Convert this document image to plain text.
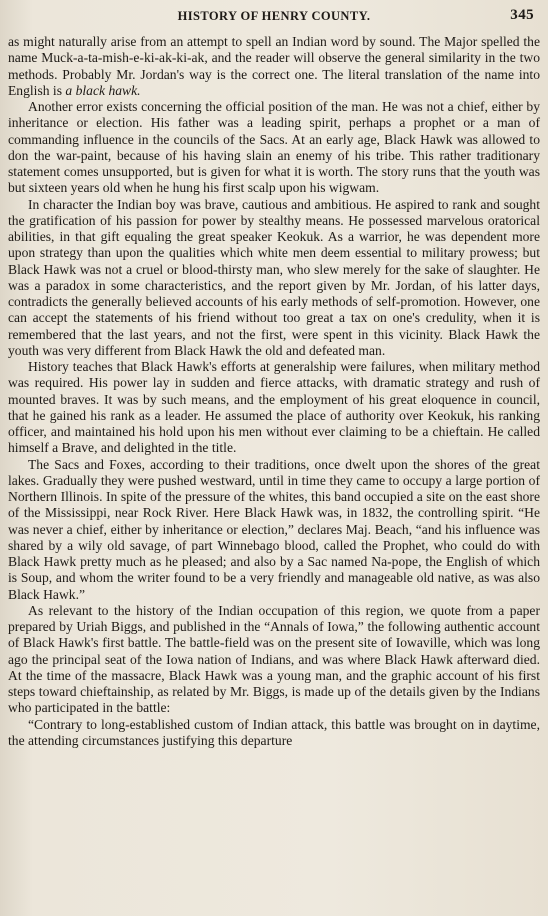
HISTORY OF HENRY COUNTY.	345

as might naturally arise from an attempt to spell an Indian word by sound. The Major spelled the name Muck-a-ta-mish-e-ki-ak-ki-ak, and the reader will observe the general similarity in the two methods. Probably Mr. Jordan's way is the correct one. The literal translation of the name into English is a black hawk.

Another error exists concerning the official position of the man. He was not a chief, either by inheritance or election. His father was a leading spirit, perhaps a prophet or a man of commanding influence in the councils of the Sacs. At an early age, Black Hawk was allowed to don the war-paint, because of his having slain an enemy of his tribe. This rather traditionary statement comes unsupported, but is given for what it is worth. The story runs that the youth was but sixteen years old when he hung his first scalp upon his wigwam.

In character the Indian boy was brave, cautious and ambitious. He aspired to rank and sought the gratification of his passion for power by stealthy means. He possessed marvelous oratorical abilities, in that gift equaling the great speaker Keokuk. As a warrior, he was dependent more upon strategy than upon the qualities which white men deem essential to military prowess; but Black Hawk was not a cruel or blood-thirsty man, who slew merely for the sake of slaughter. He was a paradox in some characteristics, and the report given by Mr. Jordan, of his latter days, contradicts the generally believed accounts of his early methods of self-promotion. However, one can accept the statements of his friend without too great a tax on one's credulity, when it is remembered that the last years, and not the first, were spent in this vicinity. Black Hawk the youth was very different from Black Hawk the old and defeated man.

History teaches that Black Hawk's efforts at generalship were failures, when military method was required. His power lay in sudden and fierce attacks, with dramatic strategy and rush of mounted braves. It was by such means, and the employment of his great eloquence in council, that he gained his rank as a leader. He assumed the place of authority over Keokuk, his ranking officer, and maintained his hold upon his men without ever claiming to be a chieftain. He called himself a Brave, and delighted in the title.

The Sacs and Foxes, according to their traditions, once dwelt upon the shores of the great lakes. Gradually they were pushed westward, until in time they came to occupy a large portion of Northern Illinois. In spite of the pressure of the whites, this band occupied a site on the east shore of the Mississippi, near Rock River. Here Black Hawk was, in 1832, the controlling spirit. “He was never a chief, either by inheritance or election,” declares Maj. Beach, “and his influence was shared by a wily old savage, of part Winnebago blood, called the Prophet, who could do with Black Hawk pretty much as he pleased; and also by a Sac named Na-pope, the English of which is Soup, and whom the writer found to be a very friendly and manageable old native, as was also Black Hawk.”

As relevant to the history of the Indian occupation of this region, we quote from a paper prepared by Uriah Biggs, and published in the “Annals of Iowa,” the following authentic account of Black Hawk's first battle. The battle-field was on the present site of Iowaville, which was long ago the principal seat of the Iowa nation of Indians, and was where Black Hawk afterward died. At the time of the massacre, Black Hawk was a young man, and the graphic account of his first steps toward chieftainship, as related by Mr. Biggs, is made up of the details given by the Indians who participated in the battle:

“Contrary to long-established custom of Indian attack, this battle was brought on in daytime, the attending circumstances justifying this departure
